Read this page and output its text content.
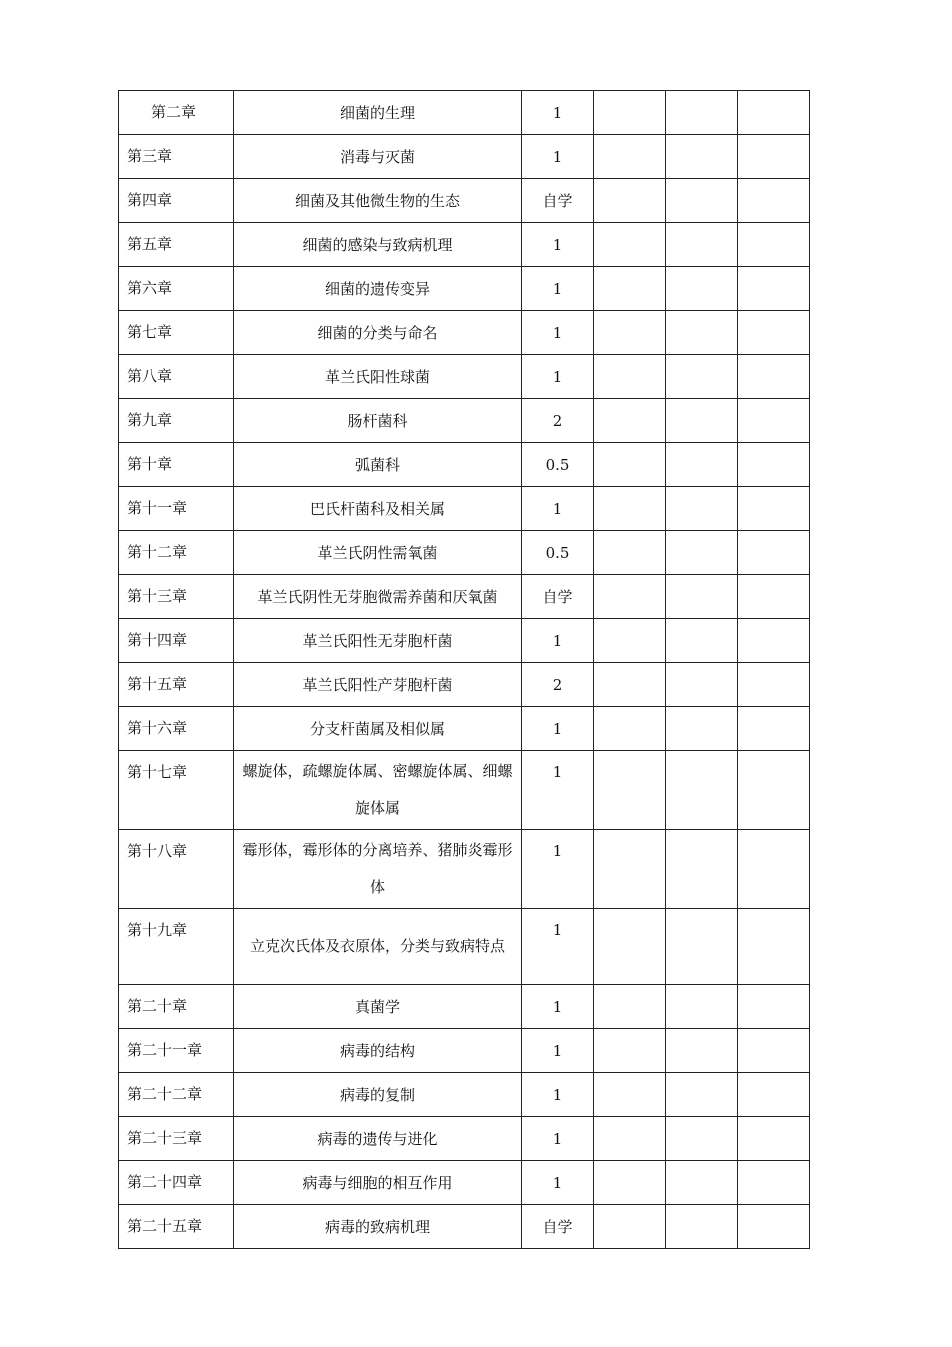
第二章	细菌的生理	1			
第三章	消毒与灭菌	1			
第四章	细菌及其他微生物的生态	自学			
第五章	细菌的感染与致病机理	1			
第六章	细菌的遗传变异	1			
第七章	细菌的分类与命名	1			
第八章	革兰氏阳性球菌	1			
第九章	肠杆菌科	2			
第十章	弧菌科	0.5			
第十一章	巴氏杆菌科及相关属	1			
第十二章	革兰氏阴性需氧菌	0.5			
第十三章	革兰氏阴性无芽胞微需养菌和厌氧菌	自学			
第十四章	革兰氏阳性无芽胞杆菌	1			
第十五章	革兰氏阳性产芽胞杆菌	2			
第十六章	分支杆菌属及相似属	1			
第十七章	螺旋体，疏螺旋体属、密螺旋体属、细螺旋体属	1			
第十八章	霉形体，霉形体的分离培养、猪肺炎霉形体	1			
第十九章	立克次氏体及衣原体，分类与致病特点	1			
第二十章	真菌学	1			
第二十一章	病毒的结构	1			
第二十二章	病毒的复制	1			
第二十三章	病毒的遗传与进化	1			
第二十四章	病毒与细胞的相互作用	1			
第二十五章	病毒的致病机理	自学			
